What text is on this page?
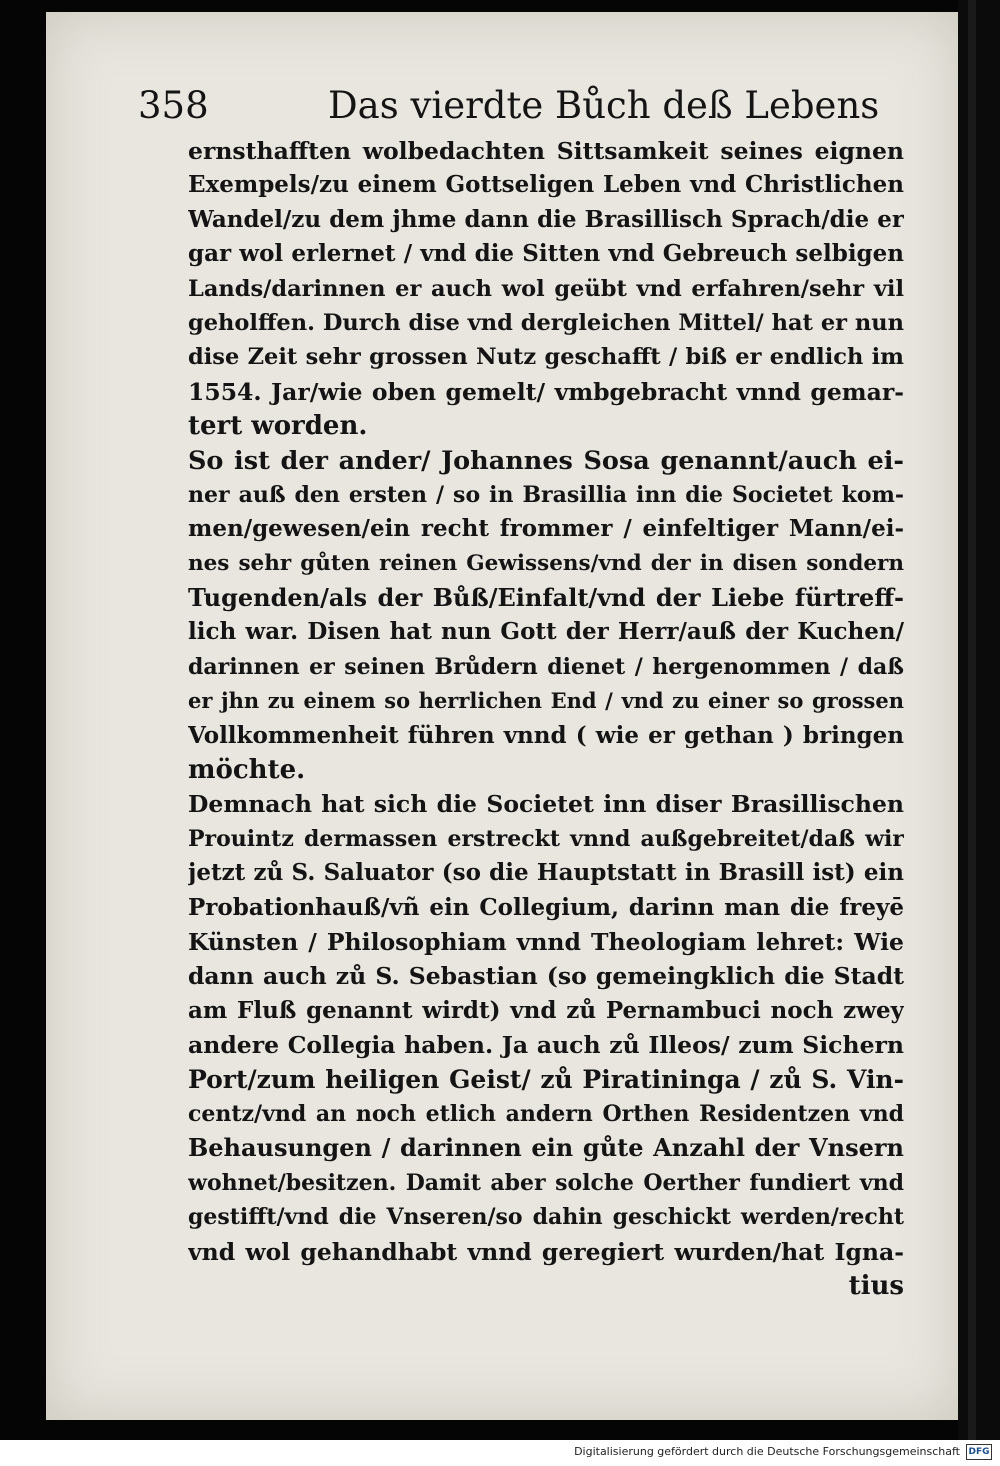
358	Das vierdte Bůch deß Lebens
ernsthafften wolbedachten Sittsamkeit seines eignen
Exempels/zu einem Gottseligen Leben vnd Christlichen
Wandel/zu dem jhme dann die Brasillisch Sprach/die er
gar wol erlernet / vnd die Sitten vnd Gebreuch selbigen
Lands/darinnen er auch wol geübt vnd erfahren/sehr vil
geholffen. Durch dise vnd dergleichen Mittel/ hat er nun
dise Zeit sehr grossen Nutz geschafft / biß er endlich im
1554. Jar/wie oben gemelt/ vmbgebracht vnnd gemar-
tert worden.
So ist der ander/ Johannes Sosa genannt/auch ei-
ner auß den ersten / so in Brasillia inn die Societet kom-
men/gewesen/ein recht frommer / einfeltiger Mann/ei-
nes sehr gůten reinen Gewissens/vnd der in disen sondern
Tugenden/als der Bůß/Einfalt/vnd der Liebe fürtreff-
lich war. Disen hat nun Gott der Herr/auß der Kuchen/
darinnen er seinen Brůdern dienet / hergenommen / daß
er jhn zu einem so herrlichen End / vnd zu einer so grossen
Vollkommenheit führen vnnd ( wie er gethan ) bringen
möchte.
Demnach hat sich die Societet inn diser Brasillischen
Prouintz dermassen erstreckt vnnd außgebreitet/daß wir
jetzt zů S. Saluator (so die Hauptstatt in Brasill ist) ein
Probationhauß/vñ ein Collegium, darinn man die freyē
Künsten / Philosophiam vnnd Theologiam lehret: Wie
dann auch zů S. Sebastian (so gemeingklich die Stadt
am Fluß genannt wirdt) vnd zů Pernambuci noch zwey
andere Collegia haben. Ja auch zů Illeos/ zum Sichern
Port/zum heiligen Geist/ zů Piratininga / zů S. Vin-
centz/vnd an noch etlich andern Orthen Residentzen vnd
Behausungen / darinnen ein gůte Anzahl der Vnsern
wohnet/besitzen. Damit aber solche Oerther fundiert vnd
gestifft/vnd die Vnseren/so dahin geschickt werden/recht
vnd wol gehandhabt vnnd geregiert wurden/hat Igna-
tius
Digitalisierung gefördert durch die Deutsche Forschungsgemeinschaft DFG
